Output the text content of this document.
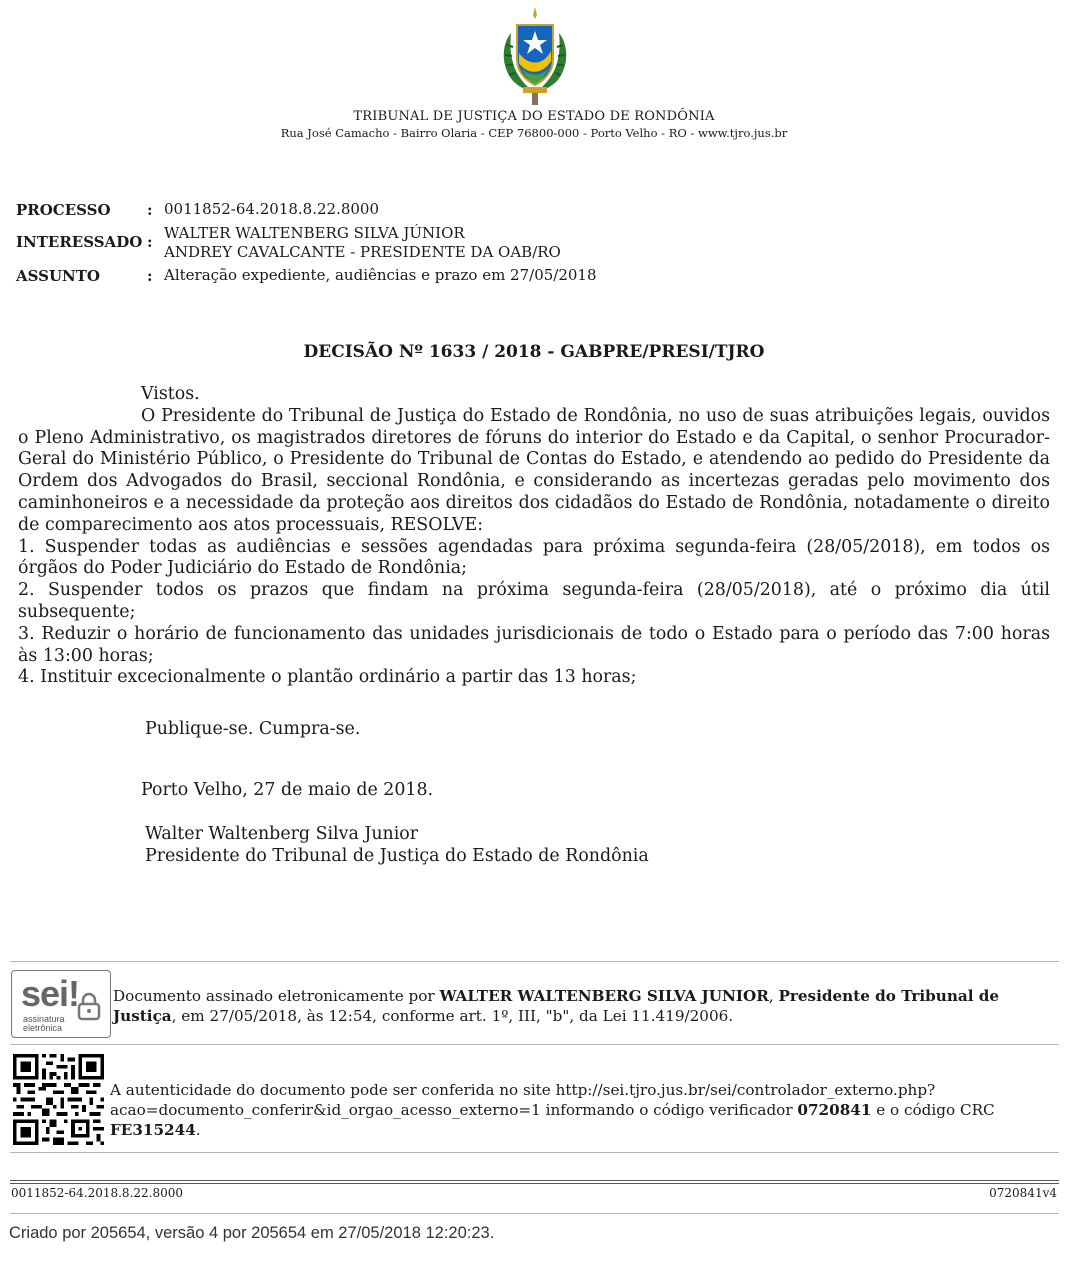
TRIBUNAL DE JUSTIÇA DO ESTADO DE RONDÔNIA
Rua José Camacho - Bairro Olaria - CEP 76800-000 - Porto Velho - RO - www.tjro.jus.br
PROCESSO : 0011852-64.2018.8.22.8000
INTERESSADO : WALTER WALTENBERG SILVA JÚNIOR
ANDREY CAVALCANTE - PRESIDENTE DA OAB/RO
ASSUNTO	: Alteração expediente, audiências e prazo em 27/05/2018
DECISÃO Nº 1633 / 2018 - GABPRE/PRESI/TJRO

Vistos.

O Presidente do Tribunal de Justiça do Estado de Rondônia, no uso de suas atribuições legais, ouvidos o Pleno Administrativo, os magistrados diretores de fóruns do interior do Estado e da Capital, o senhor Procurador-Geral do Ministério Público, o Presidente do Tribunal de Contas do Estado, e atendendo ao pedido do Presidente da Ordem dos Advogados do Brasil, seccional Rondônia, e considerando as incertezas geradas pelo movimento dos caminhoneiros e a necessidade da proteção aos direitos dos cidadãos do Estado de Rondônia, notadamente o direito de comparecimento aos atos processuais, RESOLVE:

1. Suspender todas as audiências e sessões agendadas para próxima segunda-feira (28/05/2018), em todos os órgãos do Poder Judiciário do Estado de Rondônia;

2. Suspender todos os prazos que findam na próxima segunda-feira (28/05/2018), até o próximo dia útil subsequente;

3. Reduzir o horário de funcionamento das unidades jurisdicionais de todo o Estado para o período das 7:00 horas às 13:00 horas;

4. Instituir excecionalmente o plantão ordinário a partir das 13 horas;

Publique-se. Cumpra-se.
Porto Velho, 27 de maio de 2018.
Walter Waltenberg Silva Junior
Presidente do Tribunal de Justiça do Estado de Rondônia
sei!
assinatura
eletrônica
Documento assinado eletronicamente por WALTER WALTENBERG SILVA JUNIOR, Presidente do Tribunal de Justiça, em 27/05/2018, às 12:54, conforme art. 1º, III, "b", da Lei 11.419/2006.
A autenticidade do documento pode ser conferida no site http://sei.tjro.jus.br/sei/controlador_externo.php?
acao=documento_conferir&id_orgao_acesso_externo=1 informando o código verificador 0720841 e o código CRC FE315244.
0011852-64.2018.8.22.8000	0720841v4
Criado por 205654, versão 4 por 205654 em 27/05/2018 12:20:23.
